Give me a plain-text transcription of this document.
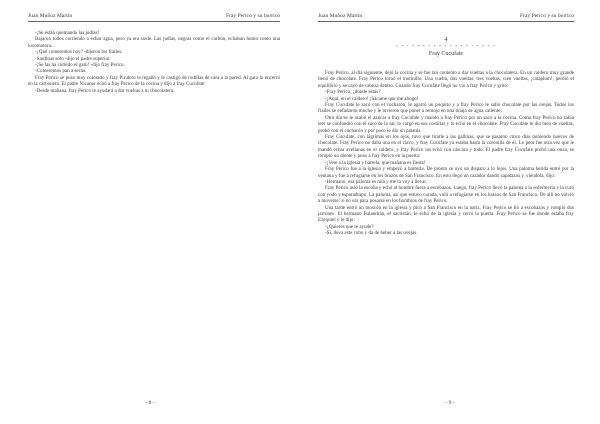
Juan Muñoz Martín	Fray Perico y su borrico

-¡Se están quemando las judías!

Bajaron todos corriendo a echar agua, pero ya era tarde. Las judías, negras como el carbón, echaban humo como una locomotora...

-¿Qué comeremos hoy? -dijeron los frailes.

-Sardinas solo -dijo el padre superior.

-¡Se las ha comido el gato! -dijo fray Perico.

-Comeremos pan a secas.

Fray Perico se puso muy colorado y fray Pirulero le regañó y le castigó de rodillas de cara a la pared. Al gato lo encerró en la carbonera. El padre Nicanor echó a fray Perico de la cocina y dijo a fray Cucufate:

-Desde mañana, fray Perico te ayudará a dar vueltas a tu chocolatera.

- 8 -
Juan Muñoz Martín	Fray Perico y su borrico
4
* * * * * * * * * * * * * * * * * * *
Fray Cucufate

Fray Perico, al día siguiente, dejó la cocina y se fue tan contento a dar vueltas a la chocolatera. En un caldero muy grande llenó de chocolate. Fray Perico tornó el molinillo. Una vuelta, dos vueltas, tres vueltas, cien vueltas, ¡cataplum!, perdió el equilibrio y se cayó de cabeza dentro. Cuando fray Cucufate llegó no vio a fray Perico y gritó:

-Fray Perico, ¿dónde estás?

-¡Aquí, en el caldero! ¡Sácame que me ahogo!

Fray Cucufate le sacó con el cucharón, le agarró un poquito y a fray Perico le salió chocolate por las orejas. Todos los frailes se enfadaron mucho y le tuvieron que poner a remojo en una tinaja de agua caliente.

Otro día se le acabó el azúcar a fray Cucufate y mandó a fray Perico por un saco a la cocina. Como fray Perico no sabía leer se confundió con el saco de la sal, lo cargó en sus costillas y lo echó en el chocolate. Fray Cucufate le dio bien de vueltas, probó con el cucharón y por poco le dio un patatús.

Fray Cucufate, con lágrimas en los ojos, tuvo que tirarle a las gallinas, que se pasaron cinco días poniendo huevos de chocolate. Fray Perico no daba una en el clavo, y fray Cucufate ya estaba hasta la coronilla de él. Lo peor fue otra vez que le mandó echar avellanas en el caldero, y fray Perico las echó con cáscara y todo. El padre fray Cucufate probó una onza, se rompió un diente y puso a fray Perico en la puerta:

-¡Vete a la iglesia y bárrela, que mañana es fiesta!

Fray Perico fue a la iglesia y empezó a barrerla. De pronto se oyó un disparo a lo lejos. Una paloma herida entró por la ventana y fue a refugiarse en los brazos de San Francisco. En esto llegó un cazador dando zapatazos y, viéndola, dijo:

-Hermano, esa paloma es mía y me la voy a llevar.

Fray Perico asió la escoba y echó al hombre fuera a escobazos. Luego, fray Perico llevó la paloma a la enfermería y la curó con yodo y esparadrapo. La paloma, así que estuvo curada, voló a refugiarse en los brazos de San Francisco. De allí no volvió a moverse: si no era para posarse en los hombros de fray Perico.

Una tarde entró un moscón en la iglesia y picó a San Francisco en la nariz. Fray Perico se lió a escobazos y rompió dos jarrones. El hermano Balandrán, el sacristán, le echó de la iglesia y cerró la puerta. Fray Perico se fue donde estaba fray Ezequiel y le dijo:

-¿Quieres que te ayude?

-Sí, lleva este cubo y da de beber a las ovejas.

- 9 -
